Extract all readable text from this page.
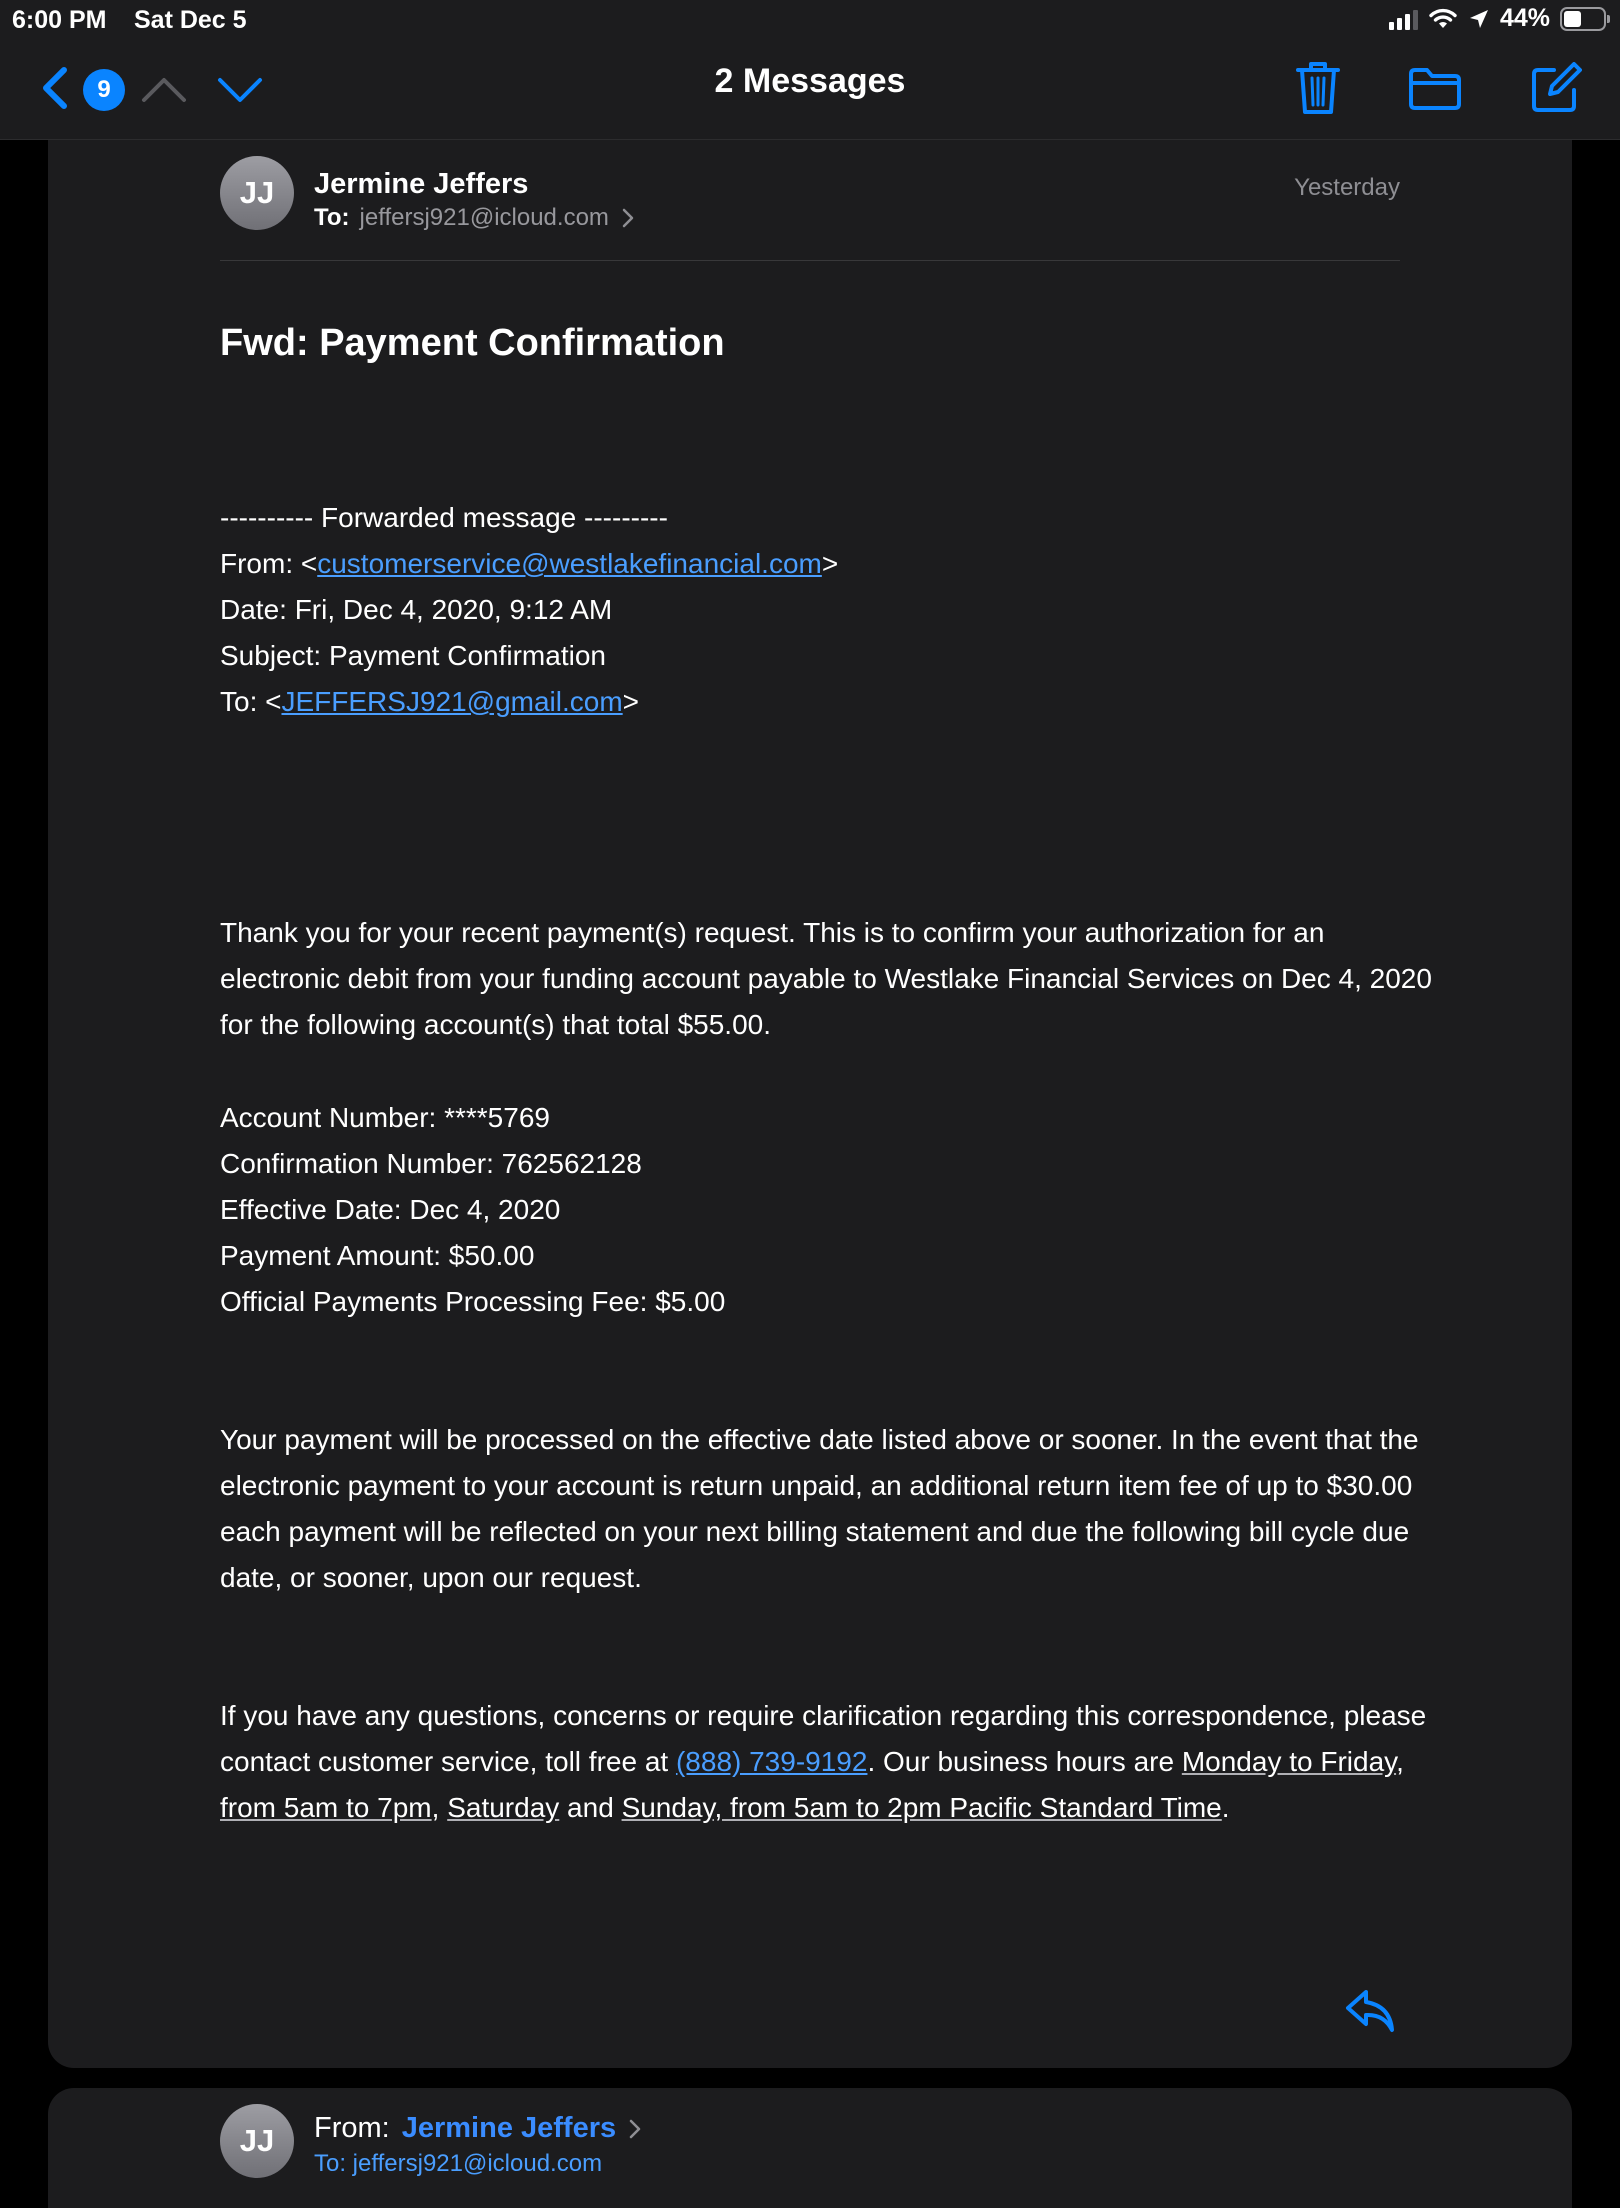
6:00 PM Sat Dec 5	44%
9	2 Messages
JJ	Jermine Jeffers
To: jeffersj921@icloud.com
Yesterday
Fwd: Payment Confirmation
---------- Forwarded message ---------
From: <customerservice@westlakefinancial.com>
Date: Fri, Dec 4, 2020, 9:12 AM
Subject: Payment Confirmation
To: <JEFFERSJ921@gmail.com>
Thank you for your recent payment(s) request. This is to confirm your authorization for an electronic debit from your funding account payable to Westlake Financial Services on Dec 4, 2020 for the following account(s) that total $55.00.
Account Number: ****5769
Confirmation Number: 762562128
Effective Date: Dec 4, 2020
Payment Amount: $50.00
Official Payments Processing Fee: $5.00
Your payment will be processed on the effective date listed above or sooner. In the event that the electronic payment to your account is return unpaid, an additional return item fee of up to $30.00 each payment will be reflected on your next billing statement and due the following bill cycle due date, or sooner, upon our request.
If you have any questions, concerns or require clarification regarding this correspondence, please contact customer service, toll free at (888) 739-9192. Our business hours are Monday to Friday, from 5am to 7pm, Saturday and Sunday, from 5am to 2pm Pacific Standard Time.
JJ	From: Jermine Jeffers
To: jeffersj921@icloud.com
